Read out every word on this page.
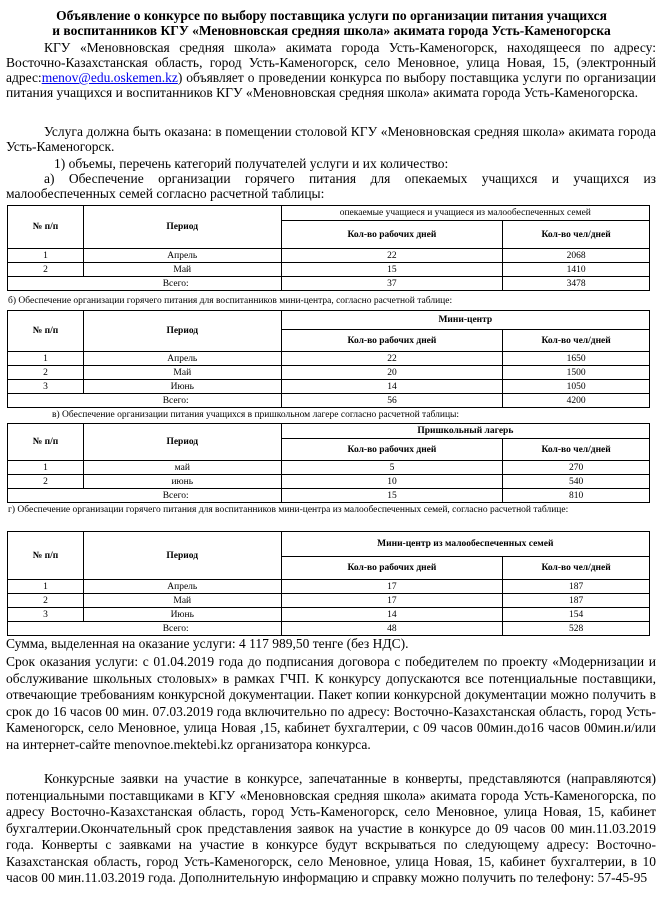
Объявление о конкурсе по выбору поставщика услуги по организации питания учащихся
и воспитанников КГУ «Меновновская средняя школа» акимата города Усть-Каменогорска
КГУ «Меновновская средняя школа» акимата города Усть-Каменогорск, находящееся по адресу: Восточно-Казахстанская область, город Усть-Каменогорск, село Меновное, улица Новая, 15, (электронный адрес:menov@edu.oskemen.kz) объявляет о проведении конкурса по выбору поставщика услуги по организации питания учащихся и воспитанников КГУ «Меновновская средняя школа» акимата города Усть-Каменогорска.
Услуга должна быть оказана: в помещении столовой КГУ «Меновновская средняя школа» акимата города Усть-Каменогорск.
1) объемы, перечень категорий получателей услуги и их количество:
а) Обеспечение организации горячего питания для опекаемых учащихся и учащихся из малообеспеченных семей согласно расчетной таблицы:
№ п/п	Период	опекаемые учащиеся и учащиеся из малообеспеченных семей	
		Кол-во рабочих дней	Кол-во чел/дней
1	Апрель	22	2068
2	Май	15	1410
Всего:		37	3478
б) Обеспечение организации горячего питания для воспитанников мини-центра, согласно расчетной таблице:
№ п/п	Период	Мини-центр	
		Кол-во рабочих дней	Кол-во чел/дней
1	Апрель	22	1650
2	Май	20	1500
3	Июнь	14	1050
Всего:		56	4200
в) Обеспечение организации питания учащихся в пришкольном лагере согласно расчетной таблицы:
№ п/п	Период	Пришкольный лагерь	
		Кол-во рабочих дней	Кол-во чел/дней
1	май	5	270
2	июнь	10	540
Всего:		15	810
г) Обеспечение организации горячего питания для воспитанников мини-центра из малообеспеченных семей, согласно расчетной таблице:
№ п/п	Период	Мини-центр из малообеспеченных семей	
		Кол-во рабочих дней	Кол-во чел/дней
1	Апрель	17	187
2	Май	17	187
3	Июнь	14	154
Всего:		48	528
Сумма, выделенная на оказание услуги: 4 117 989,50 тенге (без НДС).
Срок оказания услуги: с 01.04.2019 года до подписания договора с победителем по проекту «Модернизации и обслуживание школьных столовых» в рамках ГЧП. К конкурсу допускаются все потенциальные поставщики, отвечающие требованиям конкурсной документации. Пакет копии конкурсной документации можно получить в срок до 16 часов 00 мин. 07.03.2019 года включительно по адресу: Восточно-Казахстанская область, город Усть-Каменогорск, село Меновное, улица Новая ,15, кабинет бухгалтерии, с 09 часов 00мин.до16 часов 00мин.и/или на интернет-сайте menovnoe.mektebi.kz организатора конкурса.
Конкурсные заявки на участие в конкурсе, запечатанные в конверты, представляются (направляются) потенциальными поставщиками в КГУ «Меновновская средняя школа» акимата города Усть-Каменогорска, по адресу Восточно-Казахстанская область, город Усть-Каменогорск, село Меновное, улица Новая, 15, кабинет бухгалтерии.Окончательный срок представления заявок на участие в конкурсе до 09 часов 00 мин.11.03.2019 года. Конверты с заявками на участие в конкурсе будут вскрываться по следующему адресу: Восточно-Казахстанская область, город Усть-Каменогорск, село Меновное, улица Новая, 15, кабинет бухгалтерии, в 10 часов 00 мин.11.03.2019 года. Дополнительную информацию и справку можно получить по телефону: 57-45-95
